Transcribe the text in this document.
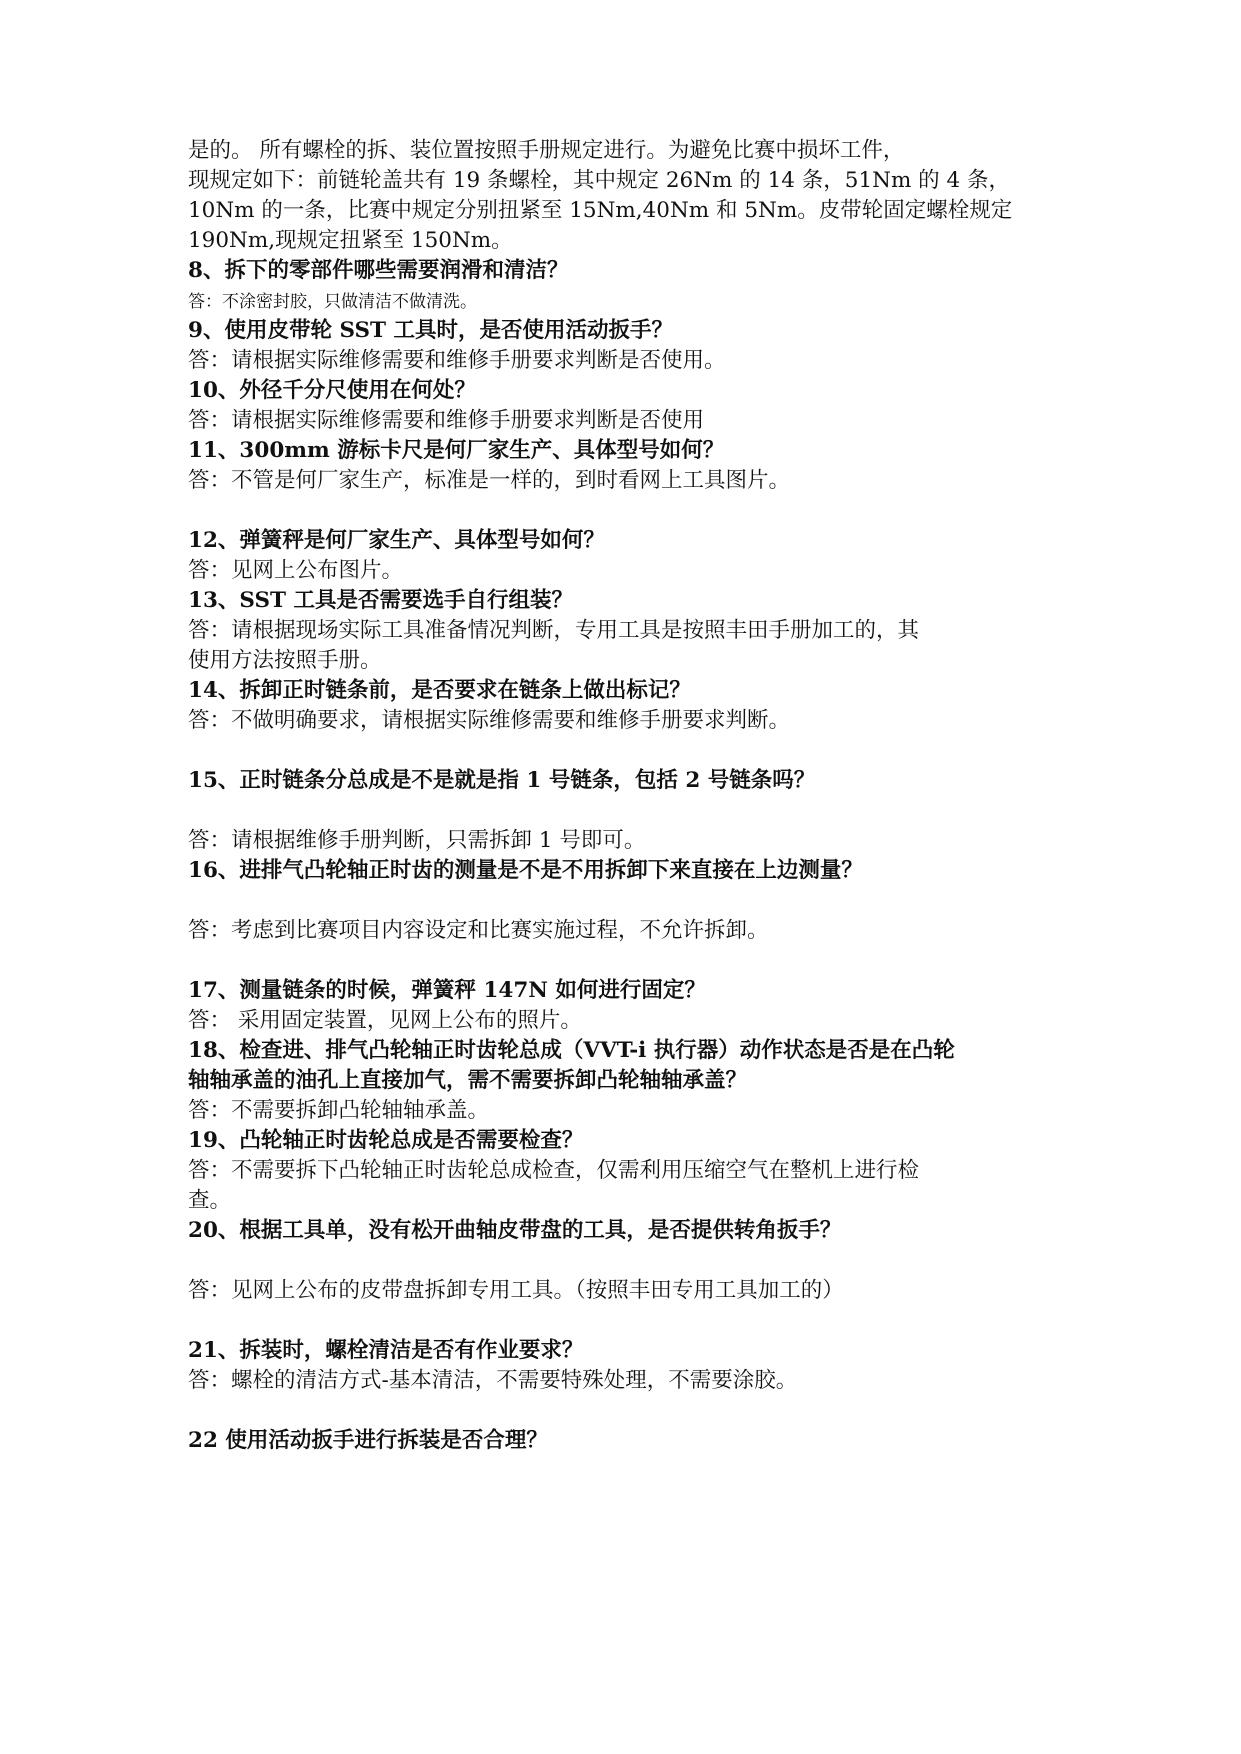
是的。 所有螺栓的拆、装位置按照手册规定进行。为避免比赛中损坏工件，

现规定如下：前链轮盖共有 19 条螺栓，其中规定 26Nm 的 14 条，51Nm 的 4 条，

10Nm 的一条，比赛中规定分别扭紧至 15Nm,40Nm 和 5Nm。皮带轮固定螺栓规定

190Nm,现规定扭紧至 150Nm。

8、拆下的零部件哪些需要润滑和清洁？

答：不涂密封胶，只做清洁不做清洗。

9、使用皮带轮 SST 工具时，是否使用活动扳手？

答：请根据实际维修需要和维修手册要求判断是否使用。

10、外径千分尺使用在何处？

答：请根据实际维修需要和维修手册要求判断是否使用

11、300mm 游标卡尺是何厂家生产、具体型号如何？

答：不管是何厂家生产，标准是一样的，到时看网上工具图片。

12、弹簧秤是何厂家生产、具体型号如何？

答：见网上公布图片。

13、SST 工具是否需要选手自行组装？

答：请根据现场实际工具准备情况判断，专用工具是按照丰田手册加工的，其

使用方法按照手册。

14、拆卸正时链条前，是否要求在链条上做出标记？

答：不做明确要求，请根据实际维修需要和维修手册要求判断。

15、正时链条分总成是不是就是指 1 号链条，包括 2 号链条吗？

答：请根据维修手册判断，只需拆卸 1 号即可。

16、进排气凸轮轴正时齿的测量是不是不用拆卸下来直接在上边测量？

答：考虑到比赛项目内容设定和比赛实施过程，不允许拆卸。

17、测量链条的时候，弹簧秤 147N 如何进行固定？

答： 采用固定装置，见网上公布的照片。

18、检查进、排气凸轮轴正时齿轮总成（VVT-i 执行器）动作状态是否是在凸轮

轴轴承盖的油孔上直接加气，需不需要拆卸凸轮轴轴承盖？

答：不需要拆卸凸轮轴轴承盖。

19、凸轮轴正时齿轮总成是否需要检查？

答：不需要拆下凸轮轴正时齿轮总成检查，仅需利用压缩空气在整机上进行检

查。

20、根据工具单，没有松开曲轴皮带盘的工具，是否提供转角扳手？

答：见网上公布的皮带盘拆卸专用工具。（按照丰田专用工具加工的）

21、拆装时，螺栓清洁是否有作业要求？

答：螺栓的清洁方式-基本清洁，不需要特殊处理，不需要涂胶。

22 使用活动扳手进行拆装是否合理？
